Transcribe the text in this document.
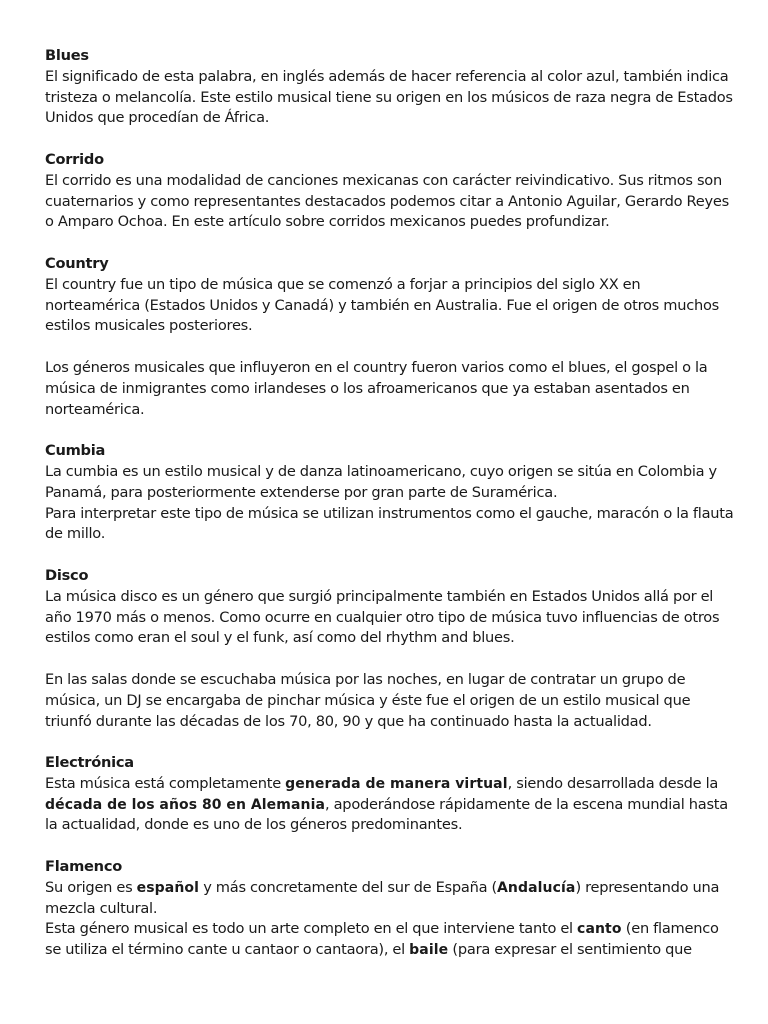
Blues

El significado de esta palabra, en inglés además de hacer referencia al color azul, también indica tristeza o melancolía. Este estilo musical tiene su origen en los músicos de raza negra de Estados Unidos que procedían de África.

Corrido

El corrido es una modalidad de canciones mexicanas con carácter reivindicativo. Sus ritmos son cuaternarios y como representantes destacados podemos citar a Antonio Aguilar, Gerardo Reyes o Amparo Ochoa. En este artículo sobre corridos mexicanos puedes profundizar.

Country

El country fue un tipo de música que se comenzó a forjar a principios del siglo XX en norteamérica (Estados Unidos y Canadá) y también en Australia. Fue el origen de otros muchos estilos musicales posteriores.

Los géneros musicales que influyeron en el country fueron varios como el blues, el gospel o la música de inmigrantes como irlandeses o los afroamericanos que ya estaban asentados en norteamérica.

Cumbia

La cumbia es un estilo musical y de danza latinoamericano, cuyo origen se sitúa en Colombia y Panamá, para posteriormente extenderse por gran parte de Suramérica.

Para interpretar este tipo de música se utilizan instrumentos como el gauche, maracón o la flauta de millo.

Disco

La música disco es un género que surgió principalmente también en Estados Unidos allá por el año 1970 más o menos. Como ocurre en cualquier otro tipo de música tuvo influencias de otros estilos como eran el soul y el funk, así como del rhythm and blues.

En las salas donde se escuchaba música por las noches, en lugar de contratar un grupo de música, un DJ se encargaba de pinchar música y éste fue el origen de un estilo musical que triunfó durante las décadas de los 70, 80, 90 y que ha continuado hasta la actualidad.

Electrónica

Esta música está completamente generada de manera virtual, siendo desarrollada desde la década de los años 80 en Alemania, apoderándose rápidamente de la escena mundial hasta la actualidad, donde es uno de los géneros predominantes.

Flamenco

Su origen es español y más concretamente del sur de España (Andalucía) representando una mezcla cultural.

Esta género musical es todo un arte completo en el que interviene tanto el canto (en flamenco se utiliza el término cante u cantaor o cantaora), el baile (para expresar el sentimiento que
